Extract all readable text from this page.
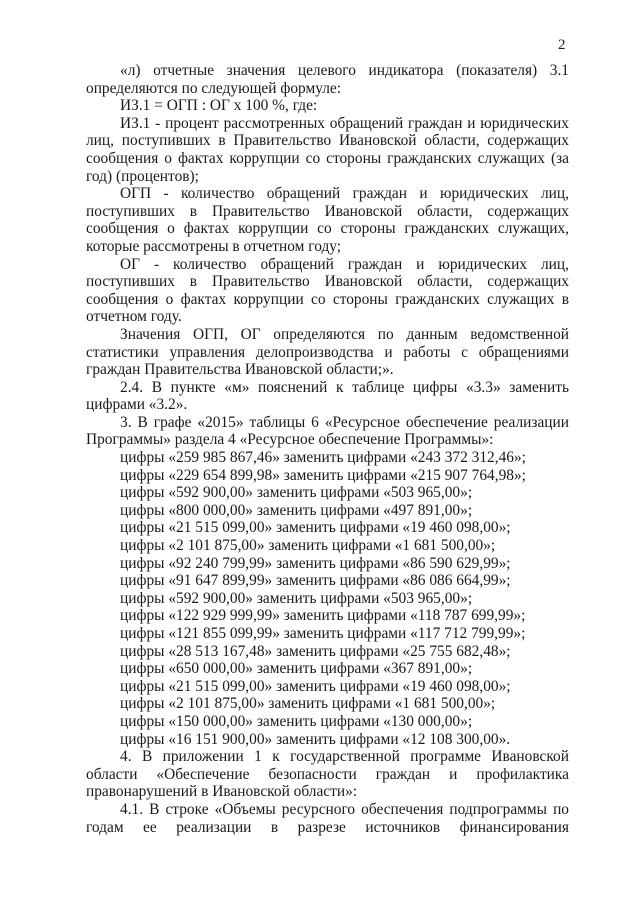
2

«л) отчетные значения целевого индикатора (показателя) 3.1 определяются по следующей формуле:

ИЗ.1 = ОГП : ОГ х 100 %, где:

ИЗ.1 - процент рассмотренных обращений граждан и юридических лиц, поступивших в Правительство Ивановской области, содержащих сообщения о фактах коррупции со стороны гражданских служащих (за год) (процентов);

ОГП - количество обращений граждан и юридических лиц, поступивших в Правительство Ивановской области, содержащих сообщения о фактах коррупции со стороны гражданских служащих, которые рассмотрены в отчетном году;

ОГ - количество обращений граждан и юридических лиц, поступивших в Правительство Ивановской области, содержащих сообщения о фактах коррупции со стороны гражданских служащих в отчетном году.

Значения ОГП, ОГ определяются по данным ведомственной статистики управления делопроизводства и работы с обращениями граждан Правительства Ивановской области;».

2.4. В пункте «м» пояснений к таблице цифры «3.3» заменить цифрами «3.2».

3. В графе «2015» таблицы 6 «Ресурсное обеспечение реализации Программы» раздела 4 «Ресурсное обеспечение Программы»:

цифры «259 985 867,46» заменить цифрами «243 372 312,46»;

цифры «229 654 899,98» заменить цифрами «215 907 764,98»;

цифры «592 900,00» заменить цифрами «503 965,00»;

цифры «800 000,00» заменить цифрами «497 891,00»;

цифры «21 515 099,00» заменить цифрами «19 460 098,00»;

цифры «2 101 875,00» заменить цифрами «1 681 500,00»;

цифры «92 240 799,99» заменить цифрами «86 590 629,99»;

цифры «91 647 899,99» заменить цифрами «86 086 664,99»;

цифры «592 900,00» заменить цифрами «503 965,00»;

цифры «122 929 999,99» заменить цифрами «118 787 699,99»;

цифры «121 855 099,99» заменить цифрами «117 712 799,99»;

цифры «28 513 167,48» заменить цифрами «25 755 682,48»;

цифры «650 000,00» заменить цифрами «367 891,00»;

цифры «21 515 099,00» заменить цифрами «19 460 098,00»;

цифры «2 101 875,00» заменить цифрами «1 681 500,00»;

цифры «150 000,00» заменить цифрами «130 000,00»;

цифры «16 151 900,00» заменить цифрами «12 108 300,00».

4. В приложении 1 к государственной программе Ивановской области «Обеспечение безопасности граждан и профилактика правонарушений в Ивановской области»:

4.1. В строке «Объемы ресурсного обеспечения подпрограммы по годам ее реализации в разрезе источников финансирования
